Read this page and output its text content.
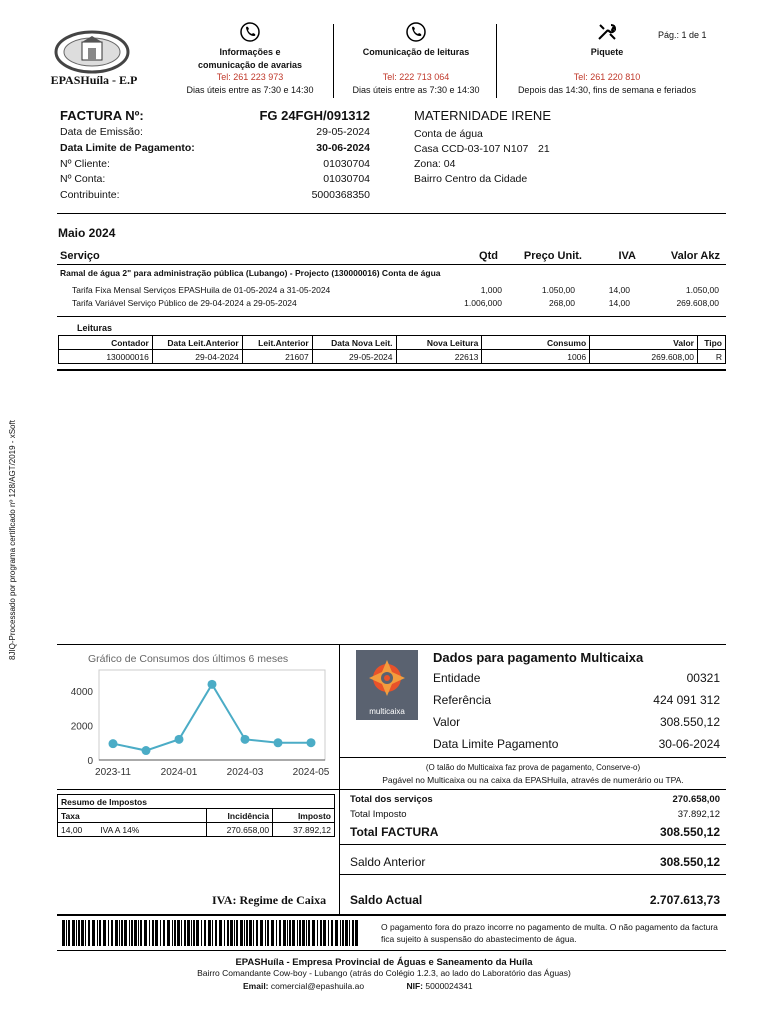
EPASHuíla - E.P
Informações e
comunicação de avarias
Tel: 261 223 973
Dias úteis entre as 7:30 e 14:30
Comunicação de leituras
Tel: 222 713 064
Dias úteis entre as 7:30 e 14:30
Piquete
Tel: 261 220 810
Depois das 14:30, fins de semana e feriados
Pág.: 1 de 1
FACTURA Nº:	FG 24FGH/091312
Data de Emissão:	29-05-2024
Data Limite de Pagamento:	30-06-2024
Nº Cliente:	01030704
Nº Conta:	01030704
Contribuinte:	5000368350
MATERNIDADE IRENE
Conta de água
Casa CCD-03-107 N107 21
Zona: 04
Bairro Centro da Cidade
Maio 2024
Serviço	Qtd	Preço Unit.	IVA	Valor Akz
Ramal de água 2" para administração pública (Lubango) - Projecto (130000016) Conta de água
Tarifa Fixa Mensal Serviços EPASHuila de 01-05-2024 a 31-05-2024	1,000	1.050,00	14,00	1.050,00
Tarifa Variável Serviço Público de 29-04-2024 a 29-05-2024	1.006,000	268,00	14,00	269.608,00
Leituras
Contador	Data Leit.Anterior	Leit.Anterior	Data Nova Leit.	Nova Leitura	Consumo	Valor	Tipo
130000016	29-04-2024	21607	29-05-2024	22613	1006	269.608,00	R
8JIQ-Processado por programa certificado nº 128/AGT/2019 - xSoft	Gráfico de Consumos dos últimos 6 meses
0
2000
4000
2023-11	2024-01	2024-03	2024-05
multicaixa
Dados para pagamento Multicaixa
Entidade	00321
Referência	424 091 312
Valor	308.550,12
Data Limite Pagamento	30-06-2024
(O talão do Multicaixa faz prova de pagamento, Conserve-o)
Pagável no Multicaixa ou na caixa da EPASHuila, através de numerário ou TPA.
Resumo de Impostos		
Taxa	Incidência	Imposto
14,00 IVA A 14%	270.658,00	37.892,12
IVA: Regime de Caixa
Total dos serviços	270.658,00
Total Imposto	37.892,12
Total FACTURA	308.550,12
Saldo Anterior	308.550,12
Saldo Actual	2.707.613,73
O pagamento fora do prazo incorre no pagamento de multa. O não pagamento da factura fica sujeito à suspensão do abastecimento de água.
EPASHuíla - Empresa Provincial de Águas e Saneamento da Huíla
Bairro Comandante Cow-boy - Lubango (atrás do Colégio 1.2.3, ao lado do Laboratório das Águas)
Email: comercial@epashuila.ao	NIF: 5000024341
